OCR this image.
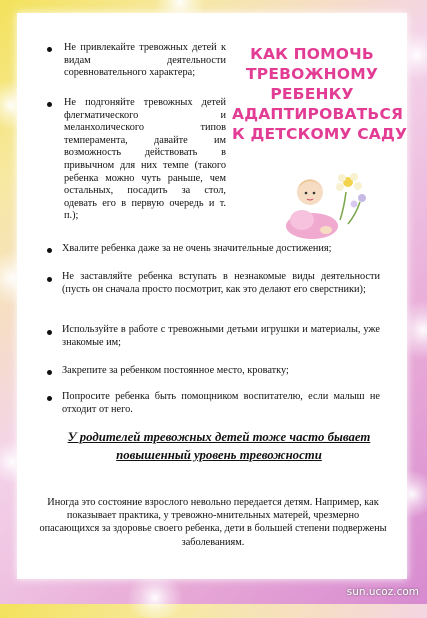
Не привлекайте тревожных детей к видам деятельности соревновательного характера;

Не подгоняйте тревожных детей флегматического и меланхолического типов темперамента, давайте им возможность действовать в привычном для них темпе (такого ребенка можно чуть раньше, чем остальных, посадить за стол, одевать его в первую очередь и т. п.);

КАК ПОМОЧЬ
ТРЕВОЖНОМУ
РЕБЕНКУ
АДАПТИРОВАТЬСЯ
К ДЕТСКОМУ САДУ

Хвалите ребенка даже за не очень значительные достижения;

Не заставляйте ребенка вступать в незнакомые виды деятельности (пусть он сначала просто посмотрит, как это делают его сверстники);

Используйте в работе с тревожными детьми игрушки и материалы, уже знакомые им;

Закрепите за ребенком постоянное место, кроватку;

Попросите ребенка быть помощником воспитателю, если малыш не отходит от него.

У родителей тревожных детей тоже часто бывает повышенный уровень тревожности

Иногда это состояние взрослого невольно передается детям. Например, как показывает практика, у тревожно-мнительных матерей, чрезмерно опасающихся за здоровье своего ребенка, дети в большей степени подвержены заболеваниям.

sun.ucoz.com
